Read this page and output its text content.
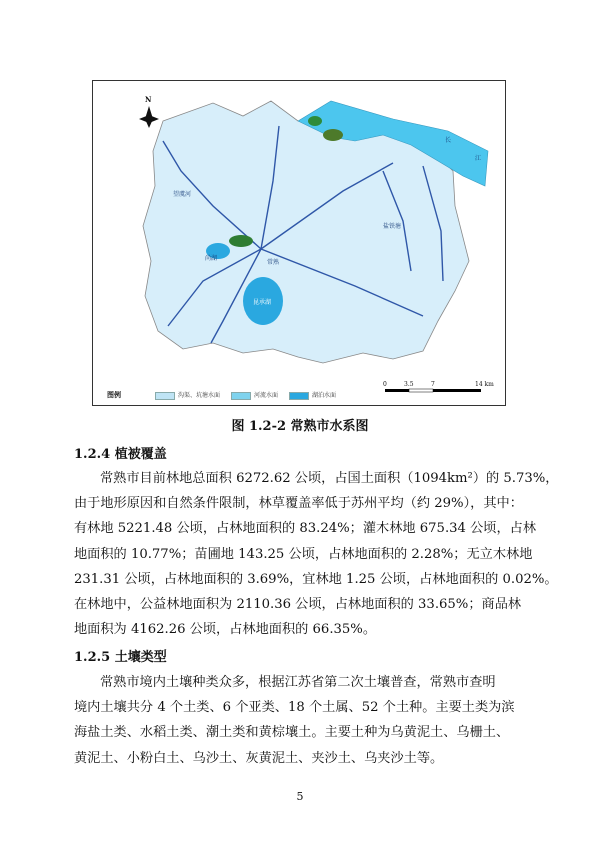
N
长
江
昆承湖
尚湖
望虞河
盐铁塘
常熟
图例	沟渠、坑塘水面	河流水面	湖泊水面
0	3.5	7	14 km
图 1.2-2 常熟市水系图
1.2.4 植被覆盖

常熟市目前林地总面积 6272.62 公顷，占国土面积（1094km²）的 5.73%，

由于地形原因和自然条件限制，林草覆盖率低于苏州平均（约 29%），其中：

有林地 5221.48 公顷，占林地面积的 83.24%；灌木林地 675.34 公顷，占林

地面积的 10.77%；苗圃地 143.25 公顷，占林地面积的 2.28%；无立木林地

231.31 公顷，占林地面积的 3.69%，宜林地 1.25 公顷，占林地面积的 0.02%。

在林地中，公益林地面积为 2110.36 公顷，占林地面积的 33.65%；商品林

地面积为 4162.26 公顷，占林地面积的 66.35%。

1.2.5 土壤类型

常熟市境内土壤种类众多，根据江苏省第二次土壤普查，常熟市查明

境内土壤共分 4 个土类、6 个亚类、18 个土属、52 个土种。主要土类为滨

海盐土类、水稻土类、潮土类和黄棕壤土。主要土种为乌黄泥土、乌栅土、

黄泥土、小粉白土、乌沙土、灰黄泥土、夹沙土、乌夹沙土等。

5
